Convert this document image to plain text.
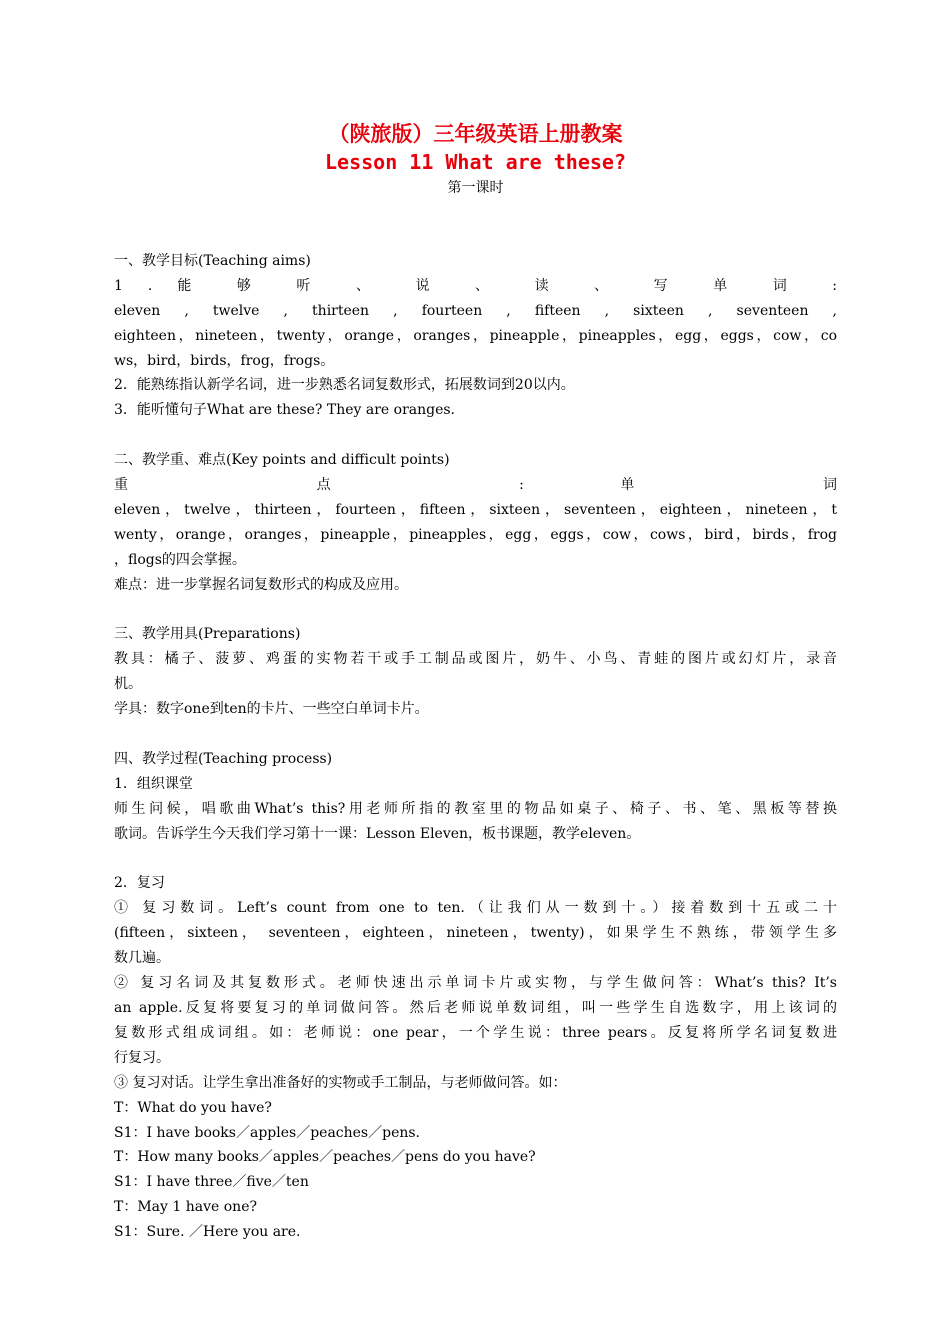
（陕旅版）三年级英语上册教案

Lesson 11 What are these?

第一课时

一、教学目标(Teaching aims)

1 . 能 够 听 、 说 、 读 、 写 单 词 :

eleven , twelve , thirteen , fourteen , fifteen , sixteen , seventeen ,

eighteen，nineteen，twenty，orange，oranges，pineapple，pineapples，egg，eggs，cow，co

ws，bird，birds，frog，frogs。

2．能熟练指认新学名词，进一步熟悉名词复数形式，拓展数词到20以内。

3．能听懂句子What are these? They are oranges.

二、教学重、难点(Key points and difficult points)

重 点 : 单 词

eleven，twelve，thirteen，fourteen，fifteen，sixteen，seventeen，eighteen，nineteen，t

wenty，orange，oranges，pineapple，pineapples，egg，eggs，cow，cows，bird，birds，frog

，flogs的四会掌握。

难点：进一步掌握名词复数形式的构成及应用。

三、教学用具(Preparations)

教具：橘子、菠萝、鸡蛋的实物若干或手工制品或图片，奶牛、小鸟、青蛙的图片或幻灯片，录音

机。

学具：数字one到ten的卡片、一些空白单词卡片。

四、教学过程(Teaching process)

1．组织课堂

师生问候，唱歌曲What’s this?用老师所指的教室里的物品如桌子、椅子、书、笔、黑板等替换

歌词。告诉学生今天我们学习第十一课：Lesson Eleven，板书课题，教学eleven。

2．复习

① 复习数词。Left’s count from one to ten.（让我们从一数到十。）接着数到十五或二十

(fifteen，sixteen， seventeen，eighteen，nineteen，twenty)，如果学生不熟练，带领学生多

数几遍。

② 复习名词及其复数形式。老师快速出示单词卡片或实物，与学生做问答：What’s this? It’s

an apple.反复将要复习的单词做问答。然后老师说单数词组，叫一些学生自选数字，用上该词的

复数形式组成词组。如：老师说：one pear，一个学生说：three pears。反复将所学名词复数进

行复习。

③ 复习对话。让学生拿出准备好的实物或手工制品，与老师做问答。如：

T：What do you have?

S1：I have books／apples／peaches／pens.

T：How many books／apples／peaches／pens do you have?

S1：I have three／five／ten

T：May 1 have one?

S1：Sure. ／Here you are.
